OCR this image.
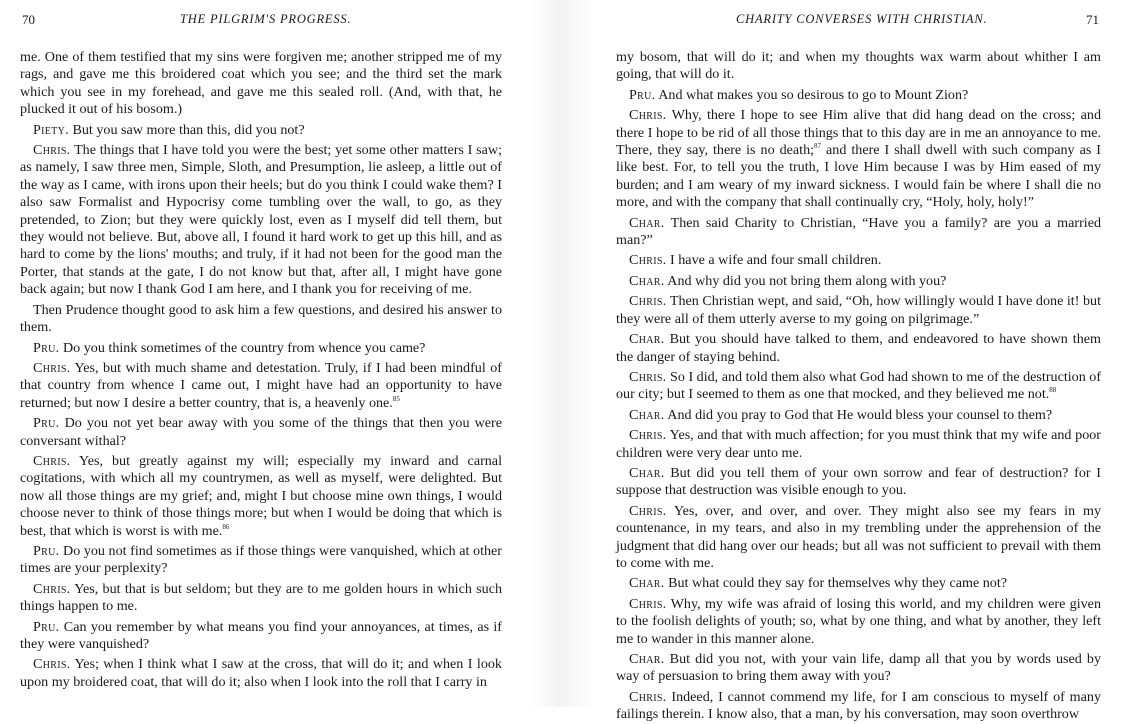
70	THE PILGRIM'S PROGRESS.

me. One of them testified that my sins were forgiven me; another stripped me of my rags, and gave me this broidered coat which you see; and the third set the mark which you see in my forehead, and gave me this sealed roll. (And, with that, he plucked it out of his bosom.)

Piety. But you saw more than this, did you not?

Chris. The things that I have told you were the best; yet some other matters I saw; as namely, I saw three men, Simple, Sloth, and Presumption, lie asleep, a little out of the way as I came, with irons upon their heels; but do you think I could wake them? I also saw Formalist and Hypocrisy come tumbling over the wall, to go, as they pretended, to Zion; but they were quickly lost, even as I myself did tell them, but they would not believe. But, above all, I found it hard work to get up this hill, and as hard to come by the lions' mouths; and truly, if it had not been for the good man the Porter, that stands at the gate, I do not know but that, after all, I might have gone back again; but now I thank God I am here, and I thank you for receiving of me.

Then Prudence thought good to ask him a few questions, and desired his answer to them.

Pru. Do you think sometimes of the country from whence you came?

Chris. Yes, but with much shame and detestation. Truly, if I had been mindful of that country from whence I came out, I might have had an opportunity to have returned; but now I desire a better country, that is, a heavenly one.$^{85}$

Pru. Do you not yet bear away with you some of the things that then you were conversant withal?

Chris. Yes, but greatly against my will; especially my inward and carnal cogitations, with which all my countrymen, as well as myself, were delighted. But now all those things are my grief; and, might I but choose mine own things, I would choose never to think of those things more; but when I would be doing that which is best, that which is worst is with me.$^{86}$

Pru. Do you not find sometimes as if those things were vanquished, which at other times are your perplexity?

Chris. Yes, but that is but seldom; but they are to me golden hours in which such things happen to me.

Pru. Can you remember by what means you find your annoyances, at times, as if they were vanquished?

Chris. Yes; when I think what I saw at the cross, that will do it; and when I look upon my broidered coat, that will do it; also when I look into the roll that I carry in

CHARITY CONVERSES WITH CHRISTIAN.	71

my bosom, that will do it; and when my thoughts wax warm about whither I am going, that will do it.

Pru. And what makes you so desirous to go to Mount Zion?

Chris. Why, there I hope to see Him alive that did hang dead on the cross; and there I hope to be rid of all those things that to this day are in me an annoyance to me. There, they say, there is no death;$^{87}$ and there I shall dwell with such company as I like best. For, to tell you the truth, I love Him because I was by Him eased of my burden; and I am weary of my inward sickness. I would fain be where I shall die no more, and with the company that shall continually cry, “Holy, holy, holy!”

Char. Then said Charity to Christian, “Have you a family? are you a married man?”

Chris. I have a wife and four small children.

Char. And why did you not bring them along with you?

Chris. Then Christian wept, and said, “Oh, how willingly would I have done it! but they were all of them utterly averse to my going on pilgrimage.”

Char. But you should have talked to them, and endeavored to have shown them the danger of staying behind.

Chris. So I did, and told them also what God had shown to me of the destruction of our city; but I seemed to them as one that mocked, and they believed me not.$^{88}$

Char. And did you pray to God that He would bless your counsel to them?

Chris. Yes, and that with much affection; for you must think that my wife and poor children were very dear unto me.

Char. But did you tell them of your own sorrow and fear of destruction? for I suppose that destruction was visible enough to you.

Chris. Yes, over, and over, and over. They might also see my fears in my countenance, in my tears, and also in my trembling under the apprehension of the judgment that did hang over our heads; but all was not sufficient to prevail with them to come with me.

Char. But what could they say for themselves why they came not?

Chris. Why, my wife was afraid of losing this world, and my children were given to the foolish delights of youth; so, what by one thing, and what by another, they left me to wander in this manner alone.

Char. But did you not, with your vain life, damp all that you by words used by way of persuasion to bring them away with you?

Chris. Indeed, I cannot commend my life, for I am conscious to myself of many failings therein. I know also, that a man, by his conversation, may soon overthrow
